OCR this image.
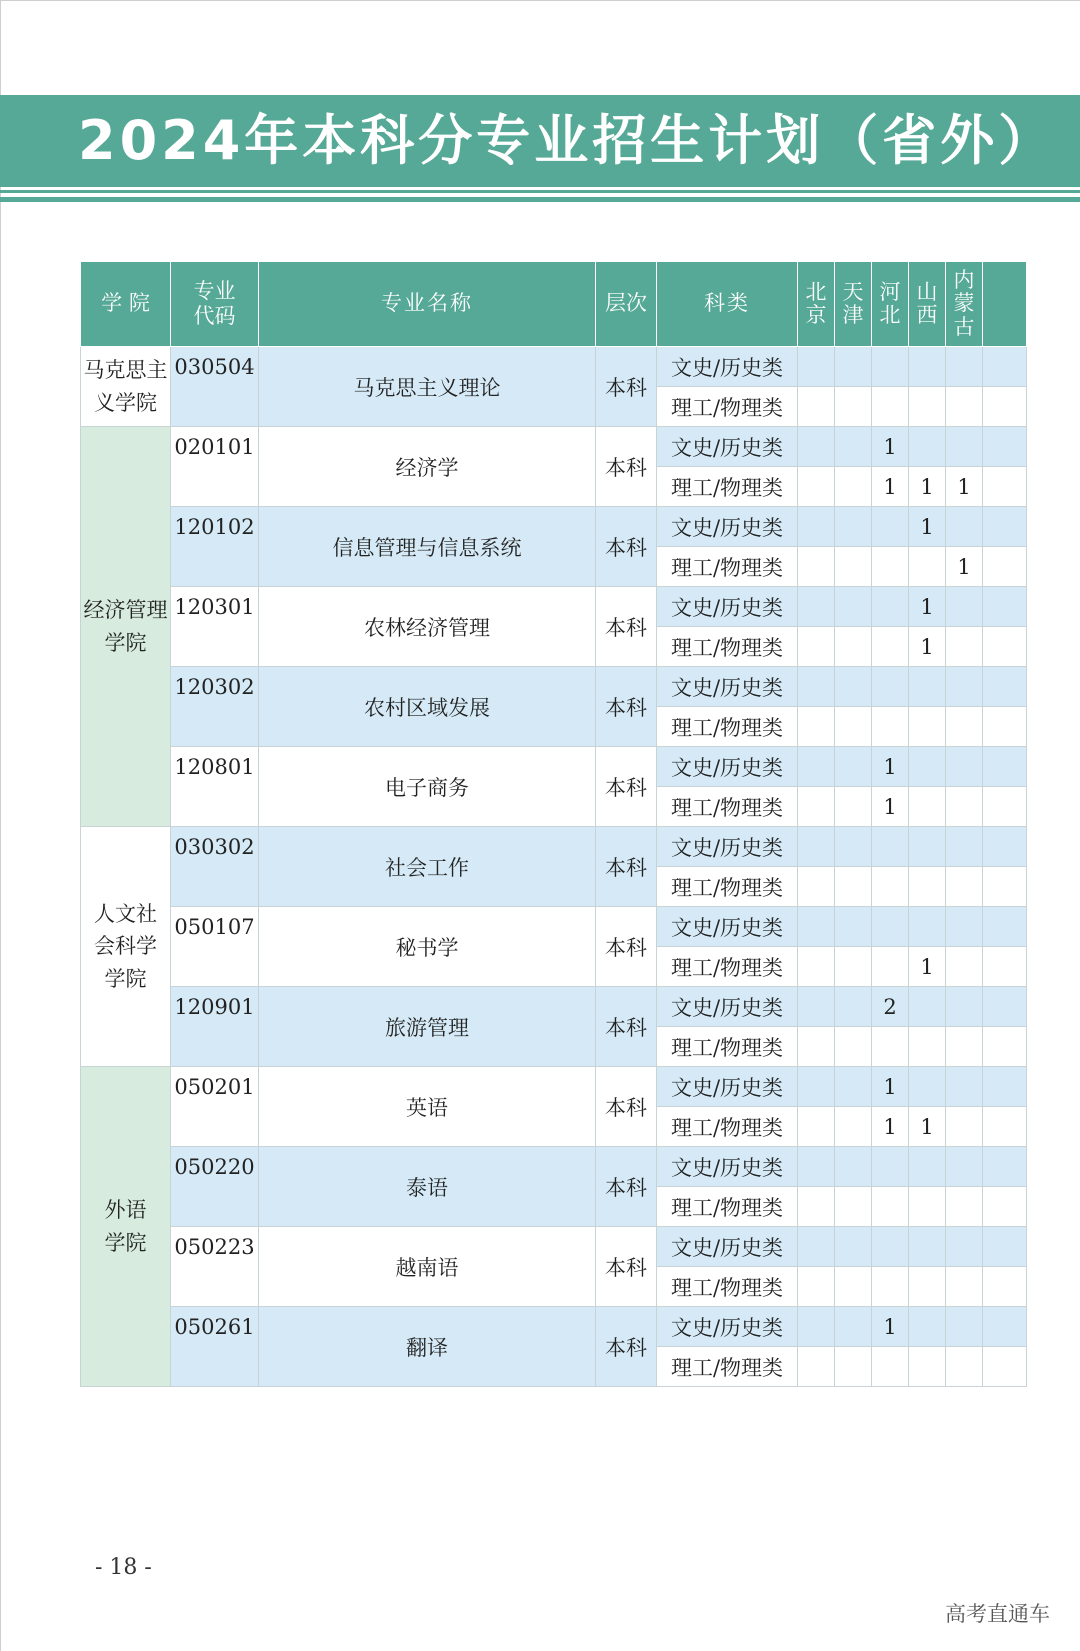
2024年本科分专业招生计划（省外）
学 院	专业代码	专业名称	层次	科类	北京	天津	河北	山西	内蒙古	

马克思主义学院	030504	马克思主义理论	本科	文史/历史类						
				理工/物理类						

经济管理学院	020101	经济学	本科	文史/历史类			1			
				理工/物理类			1	1	1	
	120102	信息管理与信息系统	本科	文史/历史类				1		
				理工/物理类					1	
	120301	农林经济管理	本科	文史/历史类				1		
				理工/物理类				1		
	120302	农村区域发展	本科	文史/历史类						
				理工/物理类						
	120801	电子商务	本科	文史/历史类			1			
				理工/物理类			1			

人文社会科学学院	030302	社会工作	本科	文史/历史类						
				理工/物理类						
	050107	秘书学	本科	文史/历史类						
				理工/物理类				1		
	120901	旅游管理	本科	文史/历史类			2			
				理工/物理类						

外语学院	050201	英语	本科	文史/历史类			1			
				理工/物理类			1	1		
	050220	泰语	本科	文史/历史类						
				理工/物理类						
	050223	越南语	本科	文史/历史类						
				理工/物理类						
	050261	翻译	本科	文史/历史类			1			
				理工/物理类						
- 18 -
高考直通车
